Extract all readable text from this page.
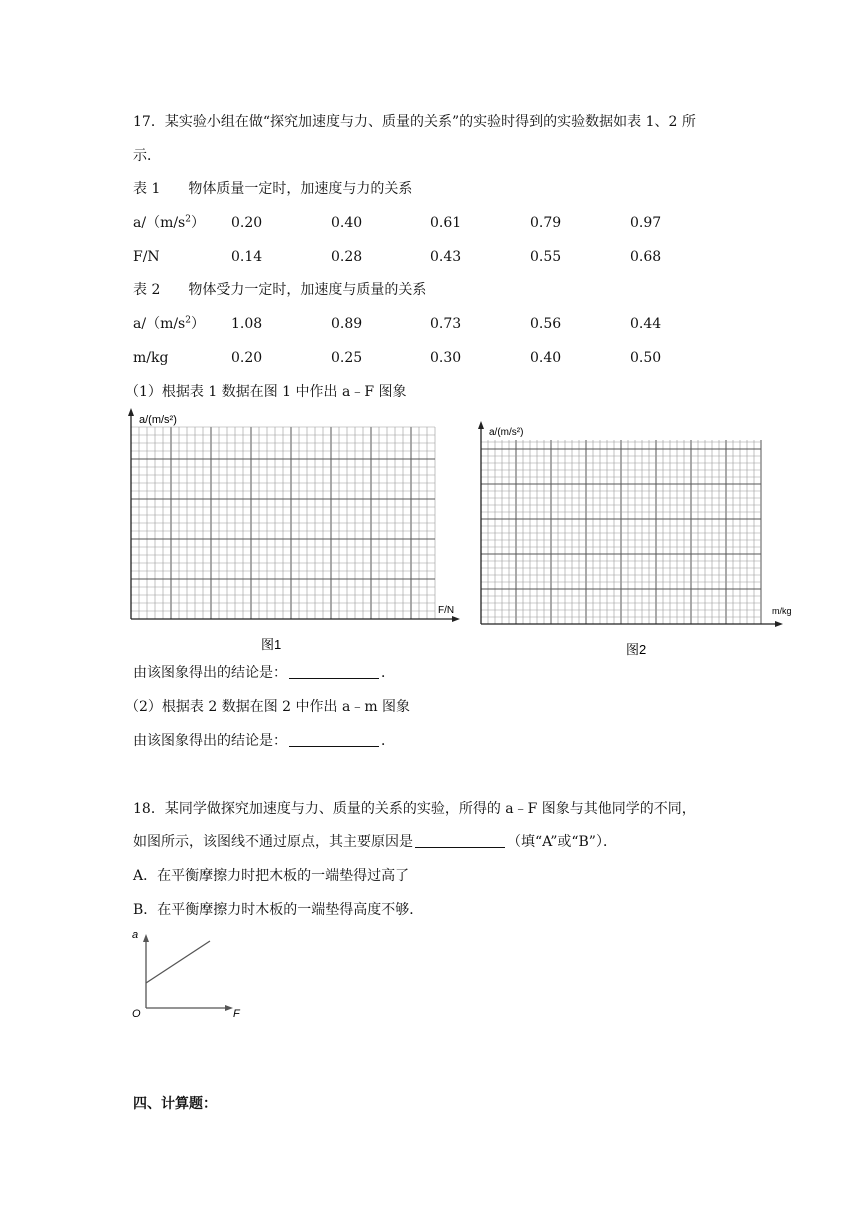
17．某实验小组在做“探究加速度与力、质量的关系”的实验时得到的实验数据如表 1、2 所
示．
表 1　　物体质量一定时，加速度与力的关系
$a/(m/s^2)$ 0.20	0.40	0.61	0.79	0.97
F/N	0.14	0.28	0.43	0.55	0.68
表 2　　物体受力一定时，加速度与质量的关系
$a/(m/s^2)$ 1.08	0.89	0.73	0.56	0.44
m/kg	0.20	0.25	0.30	0.40	0.50
（1）根据表 1 数据在图 1 中作出 a﹣F 图象
a/(m/s²)
F/N
图1
a/(m/s²)
m/kg
图2
由该图象得出的结论是：	．
（2）根据表 2 数据在图 2 中作出 a﹣m 图象
由该图象得出的结论是：	．
18．某同学做探究加速度与力、质量的关系的实验，所得的 a﹣F 图象与其他同学的不同，
如图所示，该图线不通过原点，其主要原因是	（填“A”或“B”）．
A．在平衡摩擦力时把木板的一端垫得过高了
B．在平衡摩擦力时木板的一端垫得高度不够．
a
O	F
四、计算题：
